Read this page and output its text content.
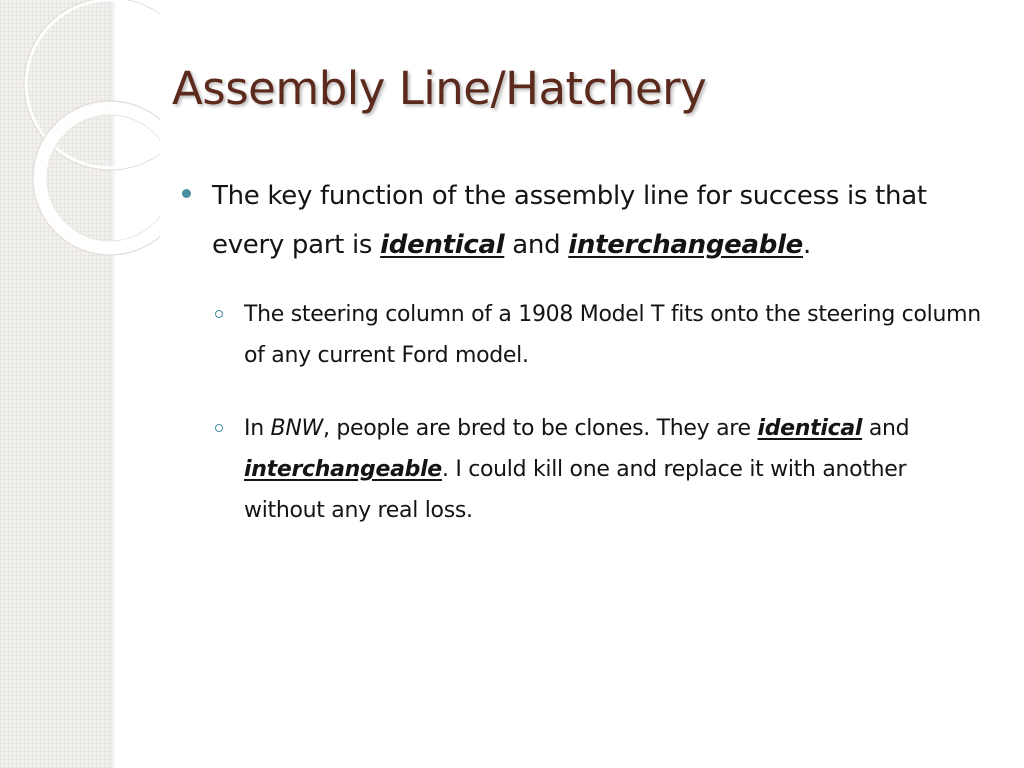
Assembly Line/Hatchery
The key function of the assembly line for success is that every part is identical and interchangeable.
The steering column of a 1908 Model T fits onto the steering column of any current Ford model.
In BNW, people are bred to be clones. They are identical and interchangeable. I could kill one and replace it with another without any real loss.
